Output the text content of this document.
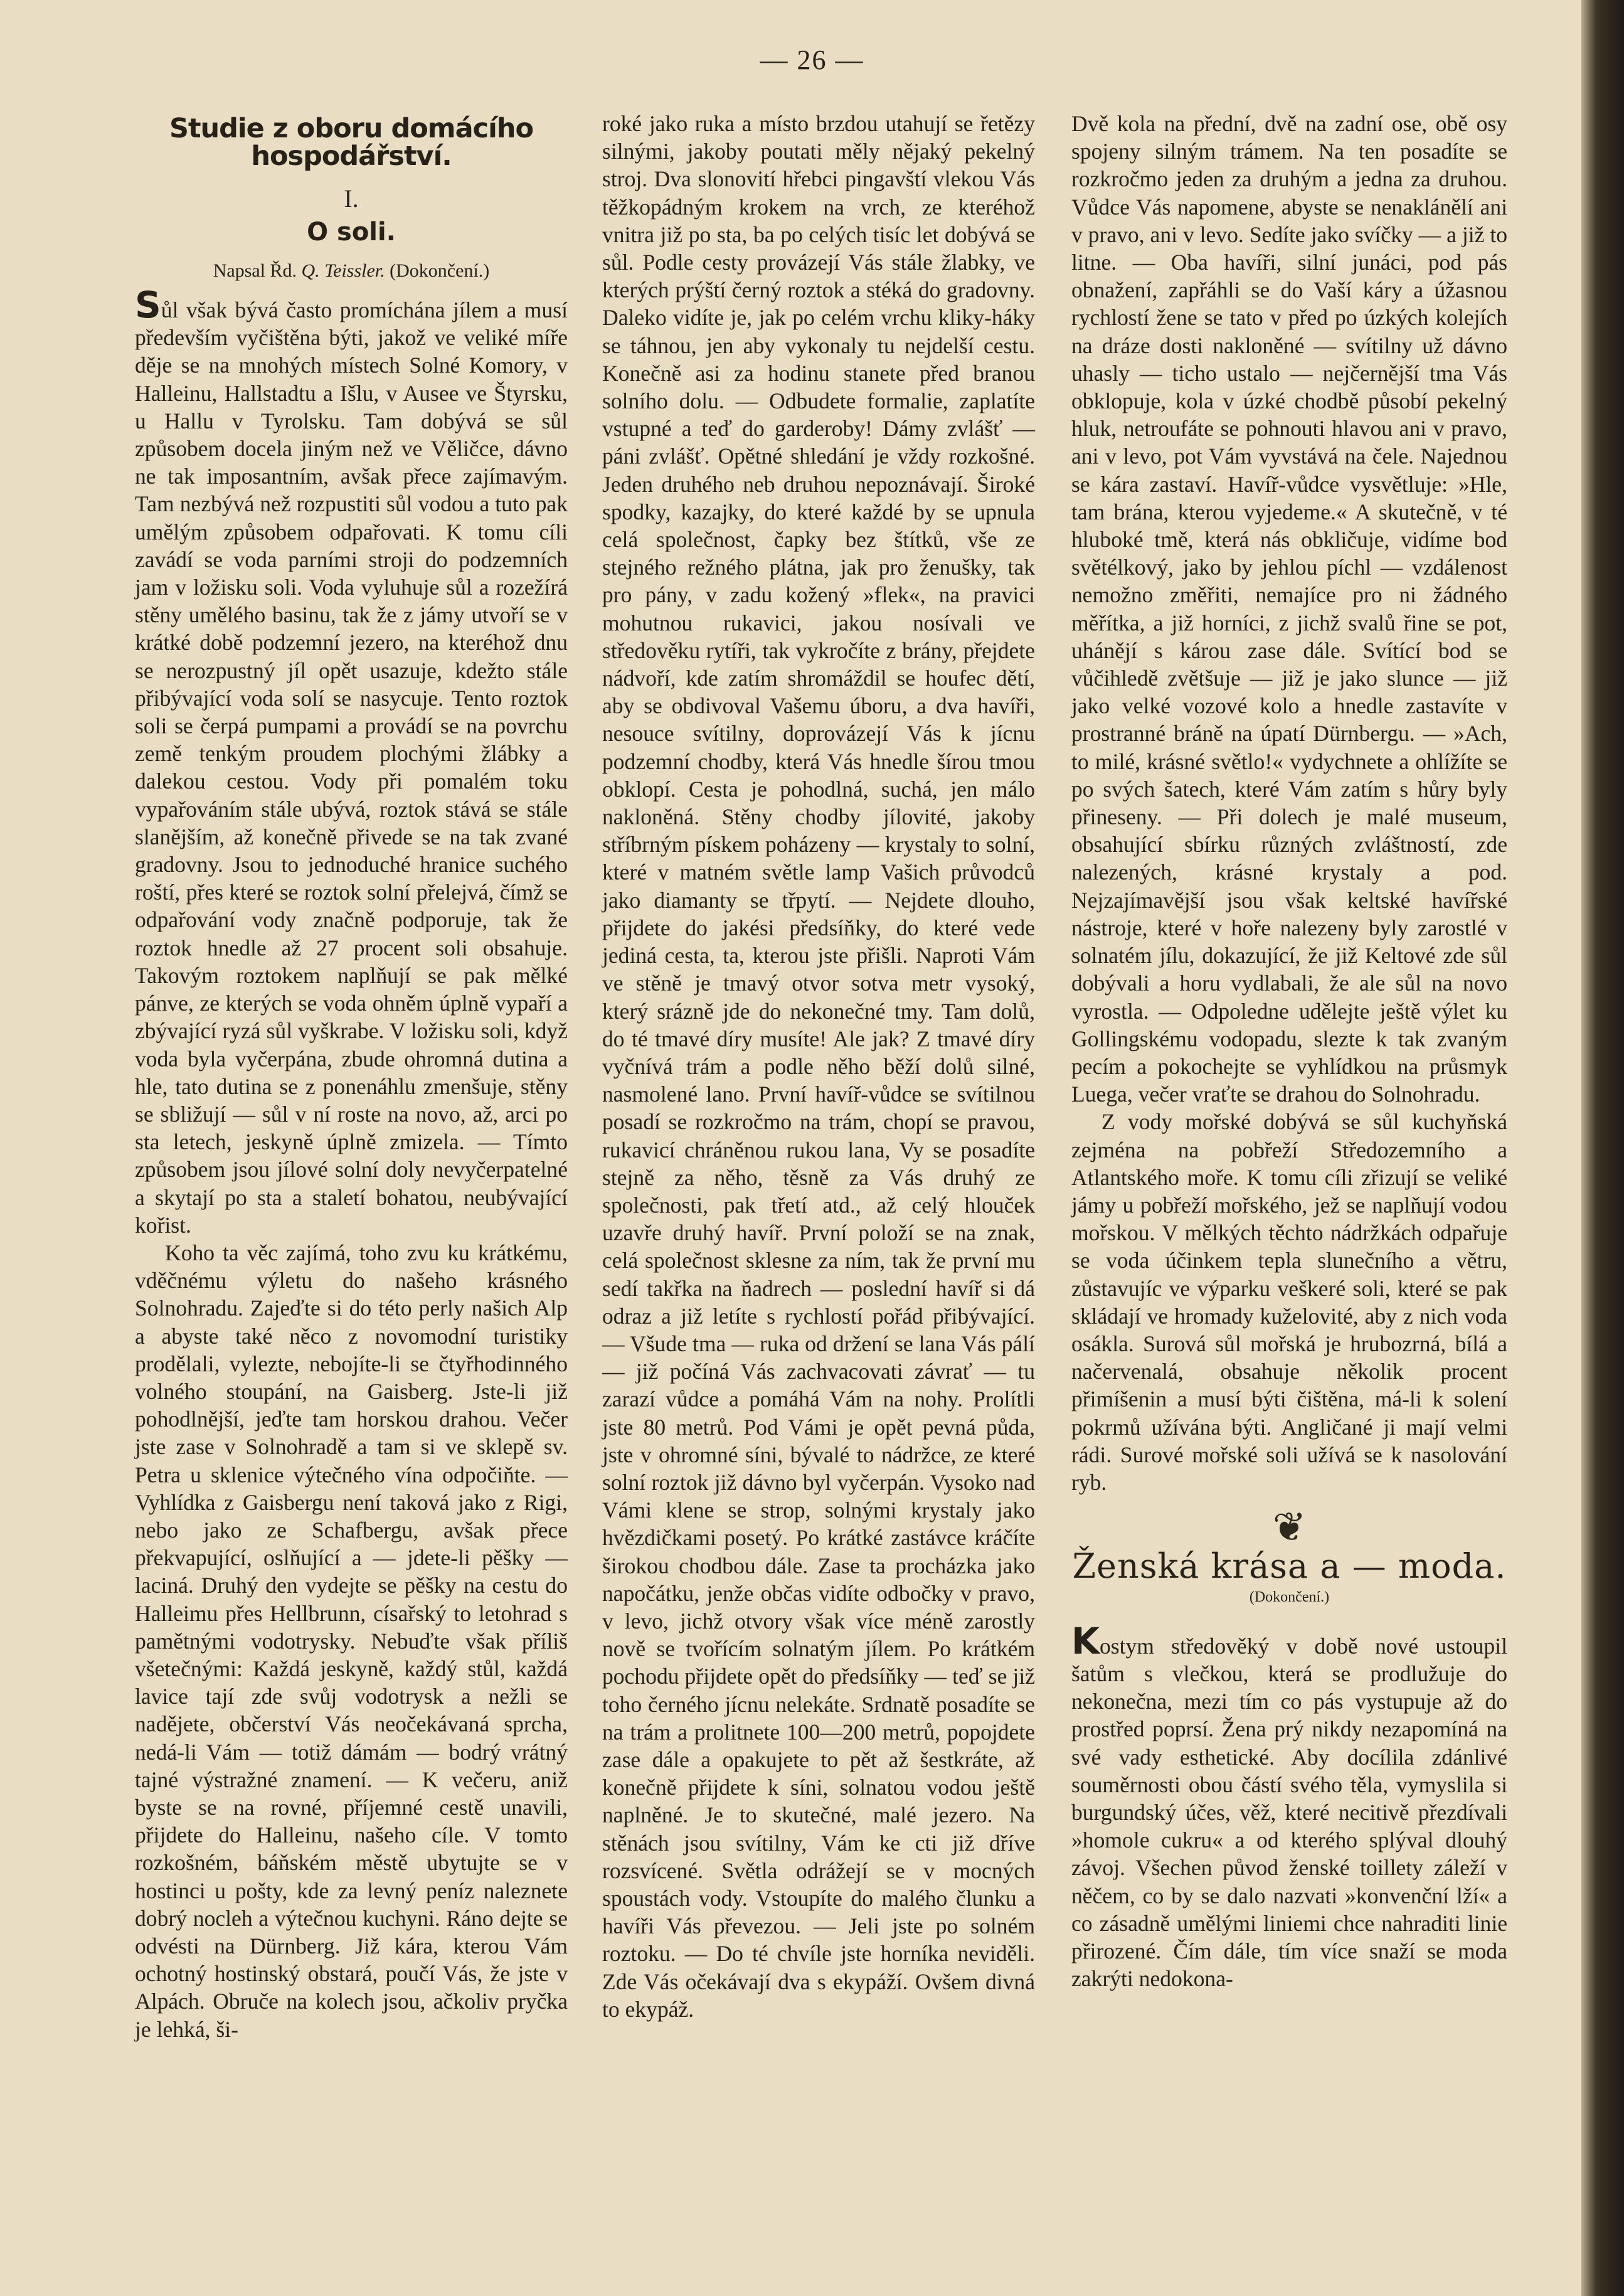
— 26 —
Studie z oboru domácího hospodářství.
I.
O soli.
Napsal Řd. Q. Teissler. (Dokončení.)

Sůl však bývá často promíchána jílem a musí především vyčištěna býti, jakož ve veliké míře děje se na mnohých místech Solné Komory, v Halleinu, Hallstadtu a Išlu, v Ausee ve Štyrsku, u Hallu v Tyrolsku. Tam dobývá se sůl způsobem docela jiným než ve Věličce, dávno ne tak imposantním, avšak přece zajímavým. Tam nezbývá než rozpustiti sůl vodou a tuto pak umělým způsobem odpařovati. K tomu cíli zavádí se voda parními stroji do podzemních jam v ložisku soli. Voda vyluhuje sůl a rozežírá stěny umělého basinu, tak že z jámy utvoří se v krátké době podzemní jezero, na kteréhož dnu se nerozpustný jíl opět usazuje, kdežto stále přibývající voda solí se nasycuje. Tento roztok soli se čerpá pumpami a provádí se na povrchu země tenkým proudem plochými žlábky a dalekou cestou. Vody při pomalém toku vypařováním stále ubývá, roztok stává se stále slanějším, až konečně přivede se na tak zvané gradovny. Jsou to jednoduché hranice suchého roští, přes které se roztok solní přelejvá, čímž se odpařování vody značně podporuje, tak že roztok hnedle až 27 procent soli obsahuje. Takovým roztokem naplňují se pak mělké pánve, ze kterých se voda ohněm úplně vypaří a zbývající ryzá sůl vyškrabe. V ložisku soli, když voda byla vyčerpána, zbude ohromná dutina a hle, tato dutina se z ponenáhlu zmenšuje, stěny se sbližují — sůl v ní roste na novo, až, arci po sta letech, jeskyně úplně zmizela. — Tímto způsobem jsou jílové solní doly nevyčerpatelné a skytají po sta a staletí bohatou, neubývající kořist.

Koho ta věc zajímá, toho zvu ku krátkému, vděčnému výletu do našeho krásného Solnohradu. Zajeďte si do této perly našich Alp a abyste také něco z novomodní turistiky prodělali, vylezte, nebojíte-li se čtyřhodinného volného stoupání, na Gaisberg. Jste-li již pohodlnější, jeďte tam horskou drahou. Večer jste zase v Solnohradě a tam si ve sklepě sv. Petra u sklenice výtečného vína odpočiňte. — Vyhlídka z Gaisbergu není taková jako z Rigi, nebo jako ze Schafbergu, avšak přece překvapující, oslňující a — jdete-li pěšky — laciná. Druhý den vydejte se pěšky na cestu do Halleimu přes Hellbrunn, císařský to letohrad s pamětnými vodotrysky. Nebuďte však příliš všetečnými: Každá jeskyně, každý stůl, každá lavice tají zde svůj vodotrysk a nežli se nadějete, občerství Vás neočekávaná sprcha, nedá-li Vám — totiž dámám — bodrý vrátný tajné výstražné znamení. — K večeru, aniž byste se na rovné, příjemné cestě unavili, přijdete do Halleinu, našeho cíle. V tomto rozkošném, báňském městě ubytujte se v hostinci u pošty, kde za levný peníz naleznete dobrý nocleh a výtečnou kuchyni. Ráno dejte se odvésti na Dürnberg. Již kára, kterou Vám ochotný hostinský obstará, poučí Vás, že jste v Alpách. Obruče na kolech jsou, ačkoliv pryčka je lehká, ši-

roké jako ruka a místo brzdou utahují se řetězy silnými, jakoby poutati měly nějaký pekelný stroj. Dva slonovití hřebci pingavští vlekou Vás těžkopádným krokem na vrch, ze kteréhož vnitra již po sta, ba po celých tisíc let dobývá se sůl. Podle cesty provázejí Vás stále žlabky, ve kterých prýští černý roztok a stéká do gradovny. Daleko vidíte je, jak po celém vrchu kliky-háky se táhnou, jen aby vykonaly tu nejdelší cestu. Konečně asi za hodinu stanete před branou solního dolu. — Odbudete formalie, zaplatíte vstupné a teď do garderoby! Dámy zvlášť — páni zvlášť. Opětné shledání je vždy rozkošné. Jeden druhého neb druhou nepoznávají. Široké spodky, kazajky, do které každé by se upnula celá společnost, čapky bez štítků, vše ze stejného režného plátna, jak pro ženušky, tak pro pány, v zadu kožený »flek«, na pravici mohutnou rukavici, jakou nosívali ve středověku rytíři, tak vykročíte z brány, přejdete nádvoří, kde zatím shromáždil se houfec dětí, aby se obdivoval Vašemu úboru, a dva havíři, nesouce svítilny, doprovázejí Vás k jícnu podzemní chodby, která Vás hnedle šírou tmou obklopí. Cesta je pohodlná, suchá, jen málo nakloněná. Stěny chodby jílovité, jakoby stříbrným pískem poházeny — krystaly to solní, které v matném světle lamp Vašich průvodců jako diamanty se třpytí. — Nejdete dlouho, přijdete do jakési předsíňky, do které vede jediná cesta, ta, kterou jste přišli. Naproti Vám ve stěně je tmavý otvor sotva metr vysoký, který srázně jde do nekonečné tmy. Tam dolů, do té tmavé díry musíte! Ale jak? Z tmavé díry vyčnívá trám a podle něho běží dolů silné, nasmolené lano. První havíř-vůdce se svítilnou posadí se rozkročmo na trám, chopí se pravou, rukavicí chráněnou rukou lana, Vy se posadíte stejně za něho, těsně za Vás druhý ze společnosti, pak třetí atd., až celý hlouček uzavře druhý havíř. První položí se na znak, celá společnost sklesne za ním, tak že první mu sedí takřka na ňadrech — poslední havíř si dá odraz a již letíte s rychlostí pořád přibývající. — Všude tma — ruka od držení se lana Vás pálí — již počíná Vás zachvacovati závrať — tu zarazí vůdce a pomáhá Vám na nohy. Prolítli jste 80 metrů. Pod Vámi je opět pevná půda, jste v ohromné síni, bývalé to nádržce, ze které solní roztok již dávno byl vyčerpán. Vysoko nad Vámi klene se strop, solnými krystaly jako hvězdičkami posetý. Po krátké zastávce kráčíte širokou chodbou dále. Zase ta procházka jako napočátku, jenže občas vidíte odbočky v pravo, v levo, jichž otvory však více méně zarostly nově se tvořícím solnatým jílem. Po krátkém pochodu přijdete opět do předsíňky — teď se již toho černého jícnu nelekáte. Srdnatě posadíte se na trám a prolitnete 100—200 metrů, popojdete zase dále a opakujete to pět až šestkráte, až konečně přijdete k síni, solnatou vodou ještě naplněné. Je to skutečné, malé jezero. Na stěnách jsou svítilny, Vám ke cti již dříve rozsvícené. Světla odrážejí se v mocných spoustách vody. Vstoupíte do malého člunku a havíři Vás převezou. — Jeli jste po solném roztoku. — Do té chvíle jste horníka neviděli. Zde Vás očekávají dva s ekypáží. Ovšem divná to ekypáž.

Dvě kola na přední, dvě na zadní ose, obě osy spojeny silným trámem. Na ten posadíte se rozkročmo jeden za druhým a jedna za druhou. Vůdce Vás napomene, abyste se nenaklánělí ani v pravo, ani v levo. Sedíte jako svíčky — a již to litne. — Oba havíři, silní junáci, pod pás obnažení, zapřáhli se do Vaší káry a úžasnou rychlostí žene se tato v před po úzkých kolejích na dráze dosti nakloněné — svítilny už dávno uhasly — ticho ustalo — nejčernější tma Vás obklopuje, kola v úzké chodbě působí pekelný hluk, netroufáte se pohnouti hlavou ani v pravo, ani v levo, pot Vám vyvstává na čele. Najednou se kára zastaví. Havíř-vůdce vysvětluje: »Hle, tam brána, kterou vyjedeme.« A skutečně, v té hluboké tmě, která nás obkličuje, vidíme bod světélkový, jako by jehlou píchl — vzdálenost nemožno změřiti, nemajíce pro ni žádného měřítka, a již horníci, z jichž svalů řine se pot, uhánějí s károu zase dále. Svítící bod se vůčihledě zvětšuje — již je jako slunce — již jako velké vozové kolo a hnedle zastavíte v prostranné bráně na úpatí Dürnbergu. — »Ach, to milé, krásné světlo!« vydychnete a ohlížíte se po svých šatech, které Vám zatím s hůry byly přineseny. — Při dolech je malé museum, obsahující sbírku různých zvláštností, zde nalezených, krásné krystaly a pod. Nejzajímavější jsou však keltské havířské nástroje, které v hoře nalezeny byly zarostlé v solnatém jílu, dokazující, že již Keltové zde sůl dobývali a horu vydlabali, že ale sůl na novo vyrostla. — Odpoledne udělejte ještě výlet ku Gollingskému vodopadu, slezte k tak zvaným pecím a pokochejte se vyhlídkou na průsmyk Luega, večer vraťte se drahou do Solnohradu.

Z vody mořské dobývá se sůl kuchyňská zejména na pobřeží Středozemního a Atlantského moře. K tomu cíli zřizují se veliké jámy u pobřeží mořského, jež se naplňují vodou mořskou. V mělkých těchto nádržkách odpařuje se voda účinkem tepla slunečního a větru, zůstavujíc ve výparku veškeré soli, které se pak skládají ve hromady kuželovité, aby z nich voda osákla. Surová sůl mořská je hrubozrná, bílá a načervenalá, obsahuje několik procent přimíšenin a musí býti čištěna, má-li k solení pokrmů užívána býti. Angličané ji mají velmi rádi. Surové mořské soli užívá se k nasolování ryb.

❦
Ženská krása a — moda.
(Dokončení.)

Kostym středověký v době nové ustoupil šatům s vlečkou, která se prodlužuje do nekonečna, mezi tím co pás vystupuje až do prostřed poprsí. Žena prý nikdy nezapomíná na své vady esthetické. Aby docílila zdánlivé souměrnosti obou částí svého těla, vymyslila si burgundský účes, věž, které necitivě přezdívali »homole cukru« a od kterého splýval dlouhý závoj. Všechen původ ženské toillety záleží v něčem, co by se dalo nazvati »konvenční lží« a co zásadně umělými liniemi chce nahraditi linie přirozené. Čím dále, tím více snaží se moda zakrýti nedokona-
